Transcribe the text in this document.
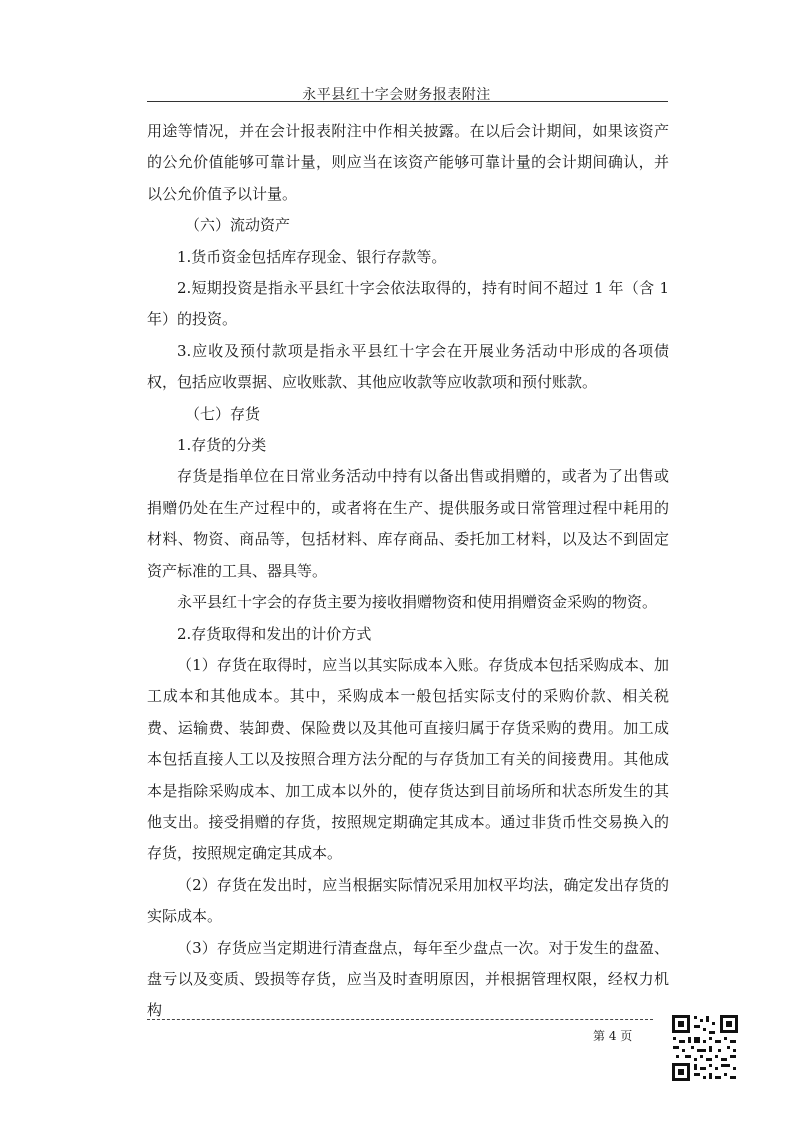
永平县红十字会财务报表附注

用途等情况，并在会计报表附注中作相关披露。在以后会计期间，如果该资产的公允价值能够可靠计量，则应当在该资产能够可靠计量的会计期间确认，并以公允价值予以计量。

（六）流动资产

1.货币资金包括库存现金、银行存款等。

2.短期投资是指永平县红十字会依法取得的，持有时间不超过 1 年（含 1 年）的投资。

3.应收及预付款项是指永平县红十字会在开展业务活动中形成的各项债权，包括应收票据、应收账款、其他应收款等应收款项和预付账款。

（七）存货

1.存货的分类

存货是指单位在日常业务活动中持有以备出售或捐赠的，或者为了出售或捐赠仍处在生产过程中的，或者将在生产、提供服务或日常管理过程中耗用的材料、物资、商品等，包括材料、库存商品、委托加工材料，以及达不到固定资产标准的工具、器具等。

永平县红十字会的存货主要为接收捐赠物资和使用捐赠资金采购的物资。

2.存货取得和发出的计价方式

（1）存货在取得时，应当以其实际成本入账。存货成本包括采购成本、加工成本和其他成本。其中，采购成本一般包括实际支付的采购价款、相关税费、运输费、装卸费、保险费以及其他可直接归属于存货采购的费用。加工成本包括直接人工以及按照合理方法分配的与存货加工有关的间接费用。其他成本是指除采购成本、加工成本以外的，使存货达到目前场所和状态所发生的其他支出。接受捐赠的存货，按照规定期确定其成本。通过非货币性交易换入的存货，按照规定确定其成本。

（2）存货在发出时，应当根据实际情况采用加权平均法，确定发出存货的实际成本。

（3）存货应当定期进行清查盘点，每年至少盘点一次。对于发生的盘盈、盘亏以及变质、毁损等存货，应当及时查明原因，并根据管理权限，经权力机构

第 4 页
